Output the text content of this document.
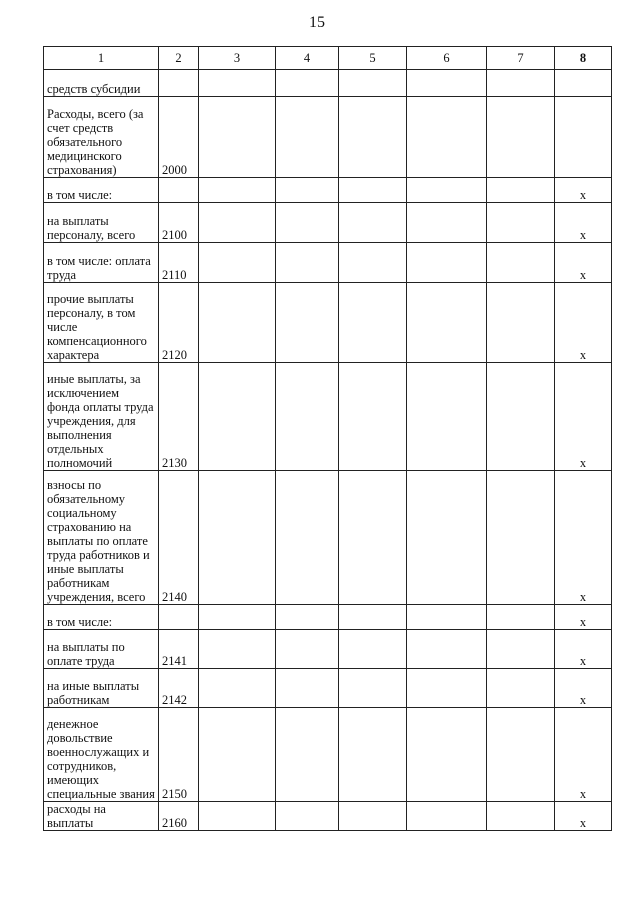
15
1	2	3	4	5	6	7	8
средств субсидии							
Расходы, всего (за счет средств обязательного медицинского страхования)	2000						
в том числе:							x
на выплаты персоналу, всего	2100						x
в том числе: оплата труда	2110						x
прочие выплаты персоналу, в том числе компенсационного характера	2120						x
иные выплаты, за исключением фонда оплаты труда учреждения, для выполнения отдельных полномочий	2130						x
взносы по обязательному социальному страхованию на выплаты по оплате труда работников и иные выплаты работникам учреждения, всего	2140						x
в том числе:							x
на выплаты по оплате труда	2141						x
на иные выплаты работникам	2142						x
денежное довольствие военнослужащих и сотрудников, имеющих специальные звания	2150						x
расходы на выплаты	2160						x
